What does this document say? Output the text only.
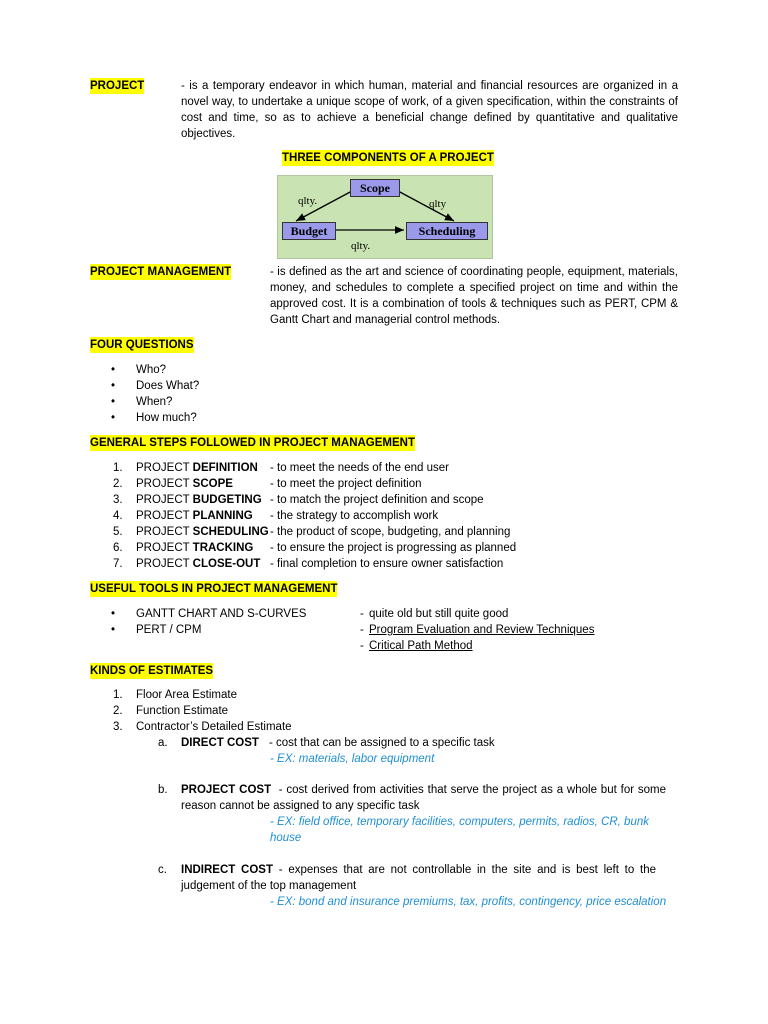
PROJECT	- is a temporary endeavor in which human, material and financial resources are organized in a novel way, to undertake a unique scope of work, of a given specification, within the constraints of cost and time, so as to achieve a beneficial change defined by quantitative and qualitative objectives.
THREE COMPONENTS OF A PROJECT
Scope
Budget	Scheduling
qlty.	qlty
qlty.
PROJECT MANAGEMENT	- is defined as the art and science of coordinating people, equipment, materials, money, and schedules to complete a specified project on time and within the approved cost. It is a combination of tools & techniques such as PERT, CPM & Gantt Chart and managerial control methods.
FOUR QUESTIONS
• Who?
• Does What?
• When?
• How much?
GENERAL STEPS FOLLOWED IN PROJECT MANAGEMENT
1. PROJECT DEFINITION - to meet the needs of the end user
2. PROJECT SCOPE	- to meet the project definition
3. PROJECT BUDGETING - to match the project definition and scope
4. PROJECT PLANNING - the strategy to accomplish work
5. PROJECT SCHEDULING - the product of scope, budgeting, and planning
6. PROJECT TRACKING - to ensure the project is progressing as planned
7. PROJECT CLOSE-OUT - final completion to ensure owner satisfaction
USEFUL TOOLS IN PROJECT MANAGEMENT
• GANTT CHART AND S-CURVES	- quite old but still quite good
• PERT / CPM	- Program Evaluation and Review Techniques
- Critical Path Method
KINDS OF ESTIMATES
1. Floor Area Estimate
2. Function Estimate
3. Contractor’s Detailed Estimate
a. DIRECT COST - cost that can be assigned to a specific task
- EX: materials, labor equipment
b. PROJECT COST - cost derived from activities that serve the project as a whole but for some reason cannot be assigned to any specific task
- EX: field office, temporary facilities, computers, permits, radios, CR, bunk house
c. INDIRECT COST - expenses that are not controllable in the site and is best left to the judgement of the top management
- EX: bond and insurance premiums, tax, profits, contingency, price escalation
